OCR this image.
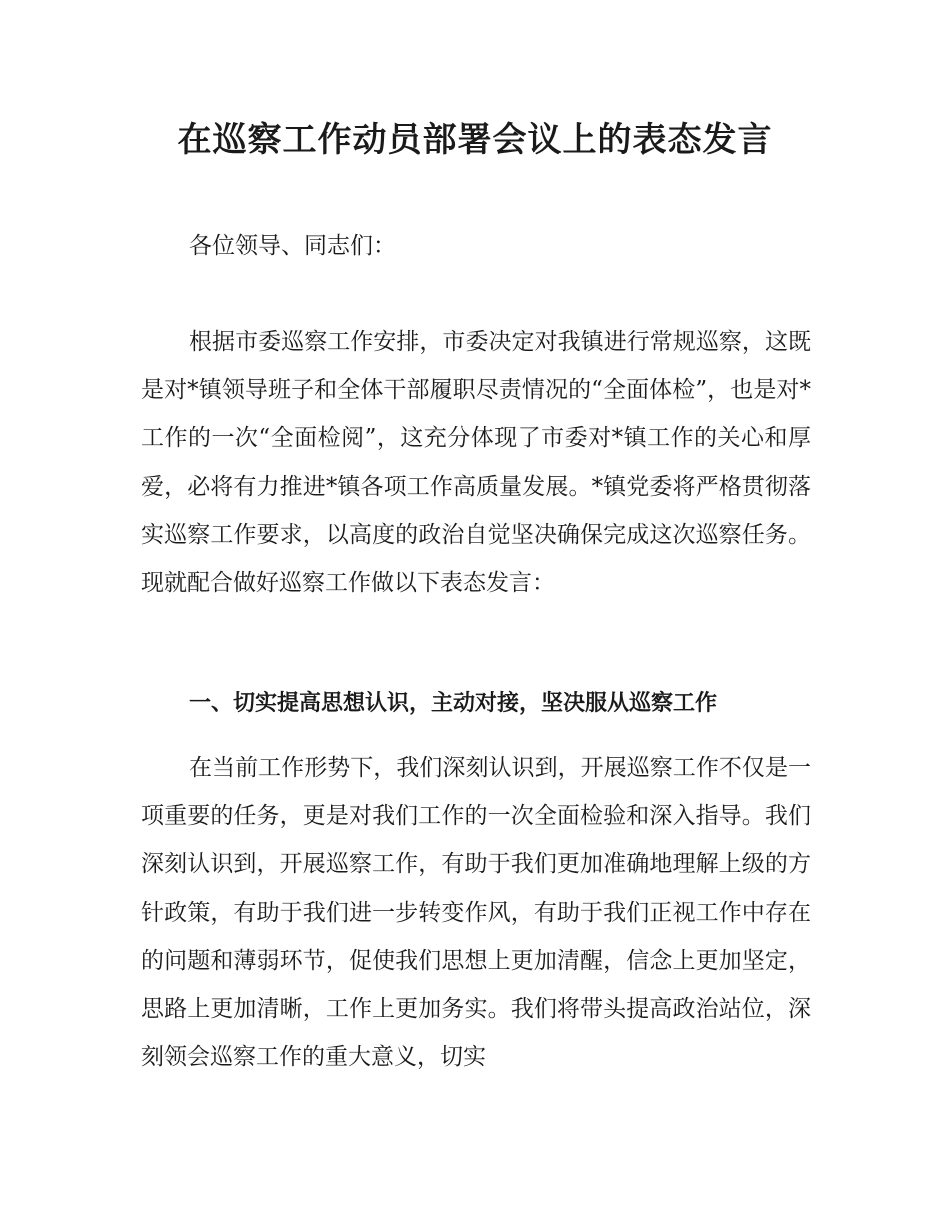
在巡察工作动员部署会议上的表态发言

各位领导、同志们：

根据市委巡察工作安排，市委决定对我镇进行常规巡察，这既是对*镇领导班子和全体干部履职尽责情况的“全面体检”，也是对*工作的一次“全面检阅”，这充分体现了市委对*镇工作的关心和厚爱，必将有力推进*镇各项工作高质量发展。*镇党委将严格贯彻落实巡察工作要求，以高度的政治自觉坚决确保完成这次巡察任务。现就配合做好巡察工作做以下表态发言：

一、切实提高思想认识，主动对接，坚决服从巡察工作

在当前工作形势下，我们深刻认识到，开展巡察工作不仅是一项重要的任务，更是对我们工作的一次全面检验和深入指导。我们深刻认识到，开展巡察工作，有助于我们更加准确地理解上级的方针政策，有助于我们进一步转变作风，有助于我们正视工作中存在的问题和薄弱环节，促使我们思想上更加清醒，信念上更加坚定，思路上更加清晰，工作上更加务实。我们将带头提高政治站位，深刻领会巡察工作的重大意义，切实
